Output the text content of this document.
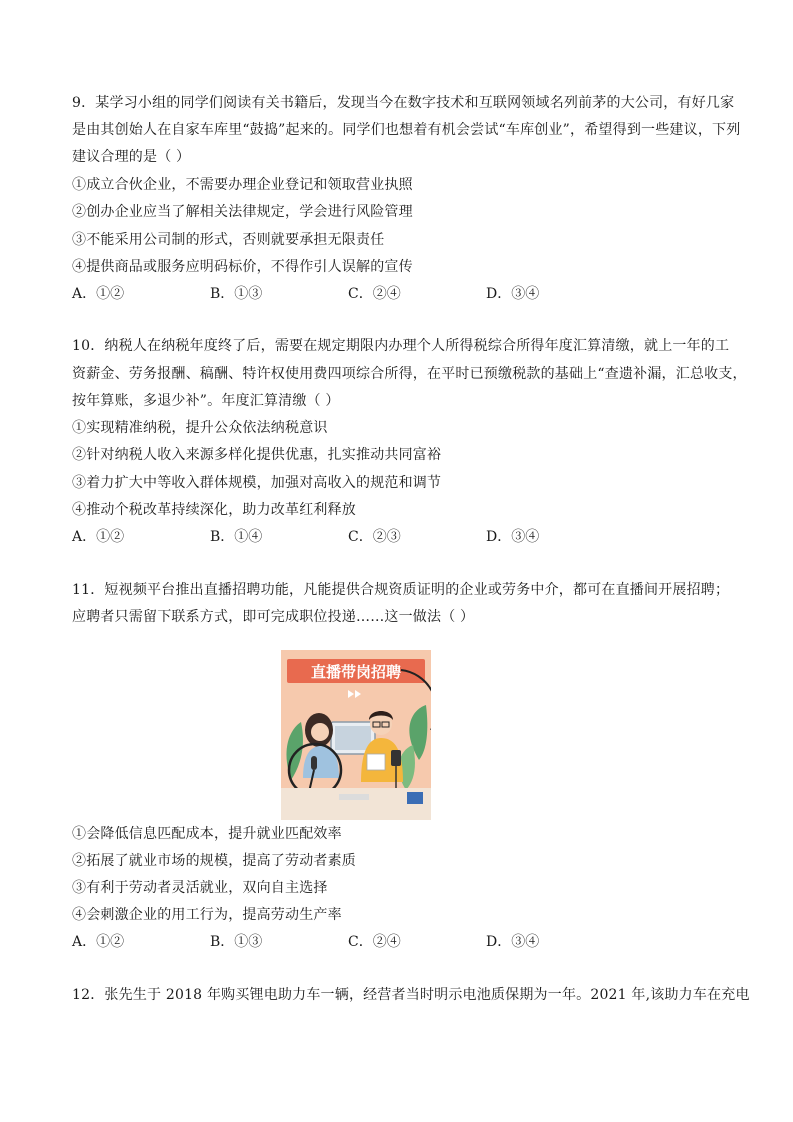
9．某学习小组的同学们阅读有关书籍后，发现当今在数字技术和互联网领域名列前茅的大公司，有好几家
是由其创始人在自家车库里“鼓捣”起来的。同学们也想着有机会尝试“车库创业”，希望得到一些建议，下列
建议合理的是（ ）
①成立合伙企业，不需要办理企业登记和领取营业执照
②创办企业应当了解相关法律规定，学会进行风险管理
③不能采用公司制的形式，否则就要承担无限责任
④提供商品或服务应明码标价，不得作引人误解的宣传
A．①②	B．①③	C．②④	D．③④
10．纳税人在纳税年度终了后，需要在规定期限内办理个人所得税综合所得年度汇算清缴，就上一年的工
资薪金、劳务报酬、稿酬、特许权使用费四项综合所得，在平时已预缴税款的基础上“查遗补漏，汇总收支，
按年算账，多退少补”。年度汇算清缴（ ）
①实现精准纳税，提升公众依法纳税意识
②针对纳税人收入来源多样化提供优惠，扎实推动共同富裕
③着力扩大中等收入群体规模，加强对高收入的规范和调节
④推动个税改革持续深化，助力改革红利释放
A．①②	B．①④	C．②③	D．③④
11．短视频平台推出直播招聘功能，凡能提供合规资质证明的企业或劳务中介，都可在直播间开展招聘；
应聘者只需留下联系方式，即可完成职位投递……这一做法（ ）
直播带岗招聘
①会降低信息匹配成本，提升就业匹配效率
②拓展了就业市场的规模，提高了劳动者素质
③有利于劳动者灵活就业，双向自主选择
④会刺激企业的用工行为，提高劳动生产率
A．①②	B．①③	C．②④	D．③④
12．张先生于 2018 年购买锂电助力车一辆，经营者当时明示电池质保期为一年。2021 年,该助力车在充电
